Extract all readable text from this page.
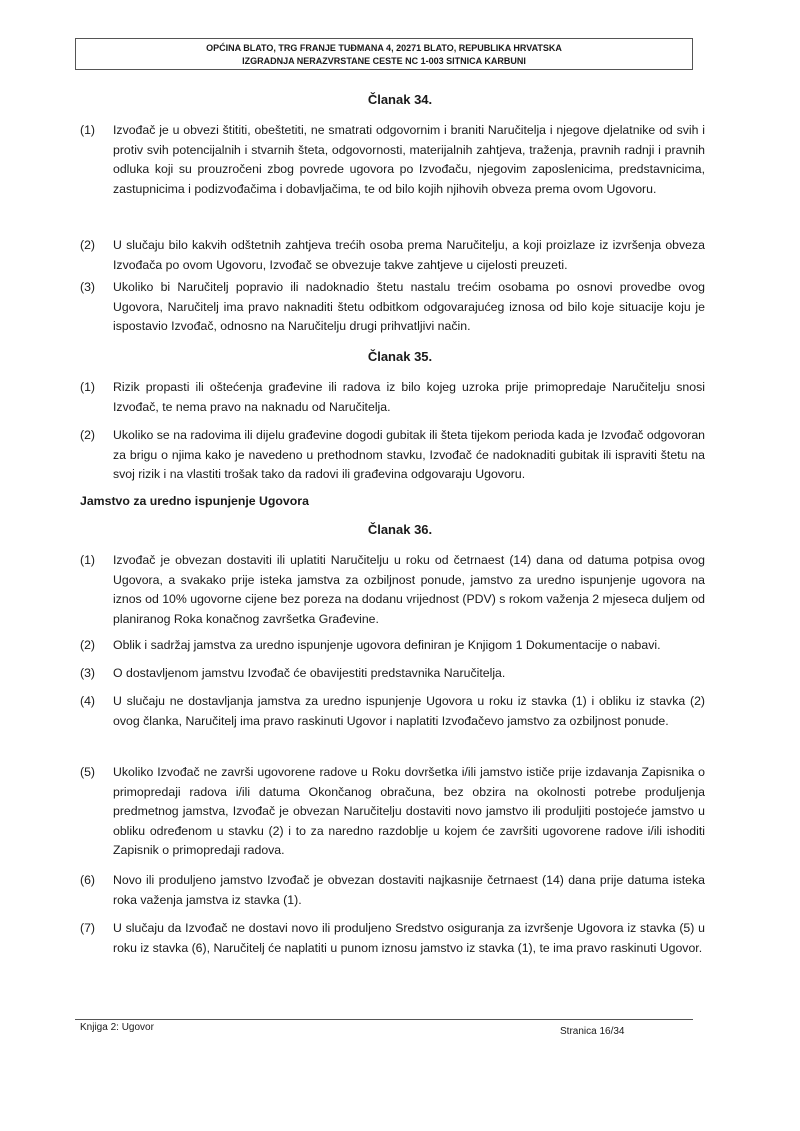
OPĆINA BLATO, TRG FRANJE TUĐMANA 4, 20271 BLATO, REPUBLIKA HRVATSKA
IZGRADNJA NERAZVRSTANE CESTE NC 1-003 SITNICA KARBUNI
Članak 34.
(1)	Izvođač je u obvezi štititi, obeštetiti, ne smatrati odgovornim i braniti Naručitelja i njegove djelatnike od svih i protiv svih potencijalnih i stvarnih šteta, odgovornosti, materijalnih zahtjeva, traženja, pravnih radnji i pravnih odluka koji su prouzročeni zbog povrede ugovora po Izvođaču, njegovim zaposlenicima, predstavnicima, zastupnicima i podizvođačima i dobavljačima, te od bilo kojih njihovih obveza prema ovom Ugovoru.
(2)	U slučaju bilo kakvih odštetnih zahtjeva trećih osoba prema Naručitelju, a koji proizlaze iz izvršenja obveza Izvođača po ovom Ugovoru, Izvođač se obvezuje takve zahtjeve u cijelosti preuzeti.
(3)	Ukoliko bi Naručitelj popravio ili nadoknadio štetu nastalu trećim osobama po osnovi provedbe ovog Ugovora, Naručitelj ima pravo naknaditi štetu odbitkom odgovarajućeg iznosa od bilo koje situacije koju je ispostavio Izvođač, odnosno na Naručitelju drugi prihvatljivi način.
Članak 35.
(1)	Rizik propasti ili oštećenja građevine ili radova iz bilo kojeg uzroka prije primopredaje Naručitelju snosi Izvođač, te nema pravo na naknadu od Naručitelja.
(2)	Ukoliko se na radovima ili dijelu građevine dogodi gubitak ili šteta tijekom perioda kada je Izvođač odgovoran za brigu o njima kako je navedeno u prethodnom stavku, Izvođač će nadoknaditi gubitak ili ispraviti štetu na svoj rizik i na vlastiti trošak tako da radovi ili građevina odgovaraju Ugovoru.
Jamstvo za uredno ispunjenje Ugovora
Članak 36.
(1)	Izvođač je obvezan dostaviti ili uplatiti Naručitelju u roku od četrnaest (14) dana od datuma potpisa ovog Ugovora, a svakako prije isteka jamstva za ozbiljnost ponude, jamstvo za uredno ispunjenje ugovora na iznos od 10% ugovorne cijene bez poreza na dodanu vrijednost (PDV) s rokom važenja 2 mjeseca duljem od planiranog Roka konačnog završetka Građevine.
(2)	Oblik i sadržaj jamstva za uredno ispunjenje ugovora definiran je Knjigom 1 Dokumentacije o nabavi.
(3)	O dostavljenom jamstvu Izvođač će obavijestiti predstavnika Naručitelja.
(4)	U slučaju ne dostavljanja jamstva za uredno ispunjenje Ugovora u roku iz stavka (1) i obliku iz stavka (2) ovog članka, Naručitelj ima pravo raskinuti Ugovor i naplatiti Izvođačevo jamstvo za ozbiljnost ponude.
(5)	Ukoliko Izvođač ne završi ugovorene radove u Roku dovršetka i/ili jamstvo ističe prije izdavanja Zapisnika o primopredaji radova i/ili datuma Okončanog obračuna, bez obzira na okolnosti potrebe produljenja predmetnog jamstva, Izvođač je obvezan Naručitelju dostaviti novo jamstvo ili produljiti postojeće jamstvo u obliku određenom u stavku (2) i to za naredno razdoblje u kojem će završiti ugovorene radove i/ili ishoditi Zapisnik o primopredaji radova.
(6)	Novo ili produljeno jamstvo Izvođač je obvezan dostaviti najkasnije četrnaest (14) dana prije datuma isteka roka važenja jamstva iz stavka (1).
(7)	U slučaju da Izvođač ne dostavi novo ili produljeno Sredstvo osiguranja za izvršenje Ugovora iz stavka (5) u roku iz stavka (6), Naručitelj će naplatiti u punom iznosu jamstvo iz stavka (1), te ima pravo raskinuti Ugovor.
Knjiga 2: Ugovor	Stranica 16/34
